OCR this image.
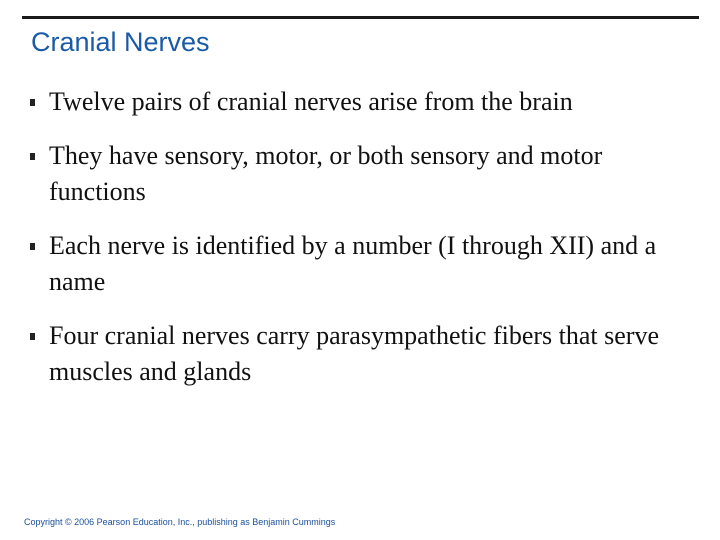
Cranial Nerves
Twelve pairs of cranial nerves arise from the brain
They have sensory, motor, or both sensory and motor functions
Each nerve is identified by a number (I through XII) and a name
Four cranial nerves carry parasympathetic fibers that serve muscles and glands
Copyright © 2006 Pearson Education, Inc., publishing as Benjamin Cummings
